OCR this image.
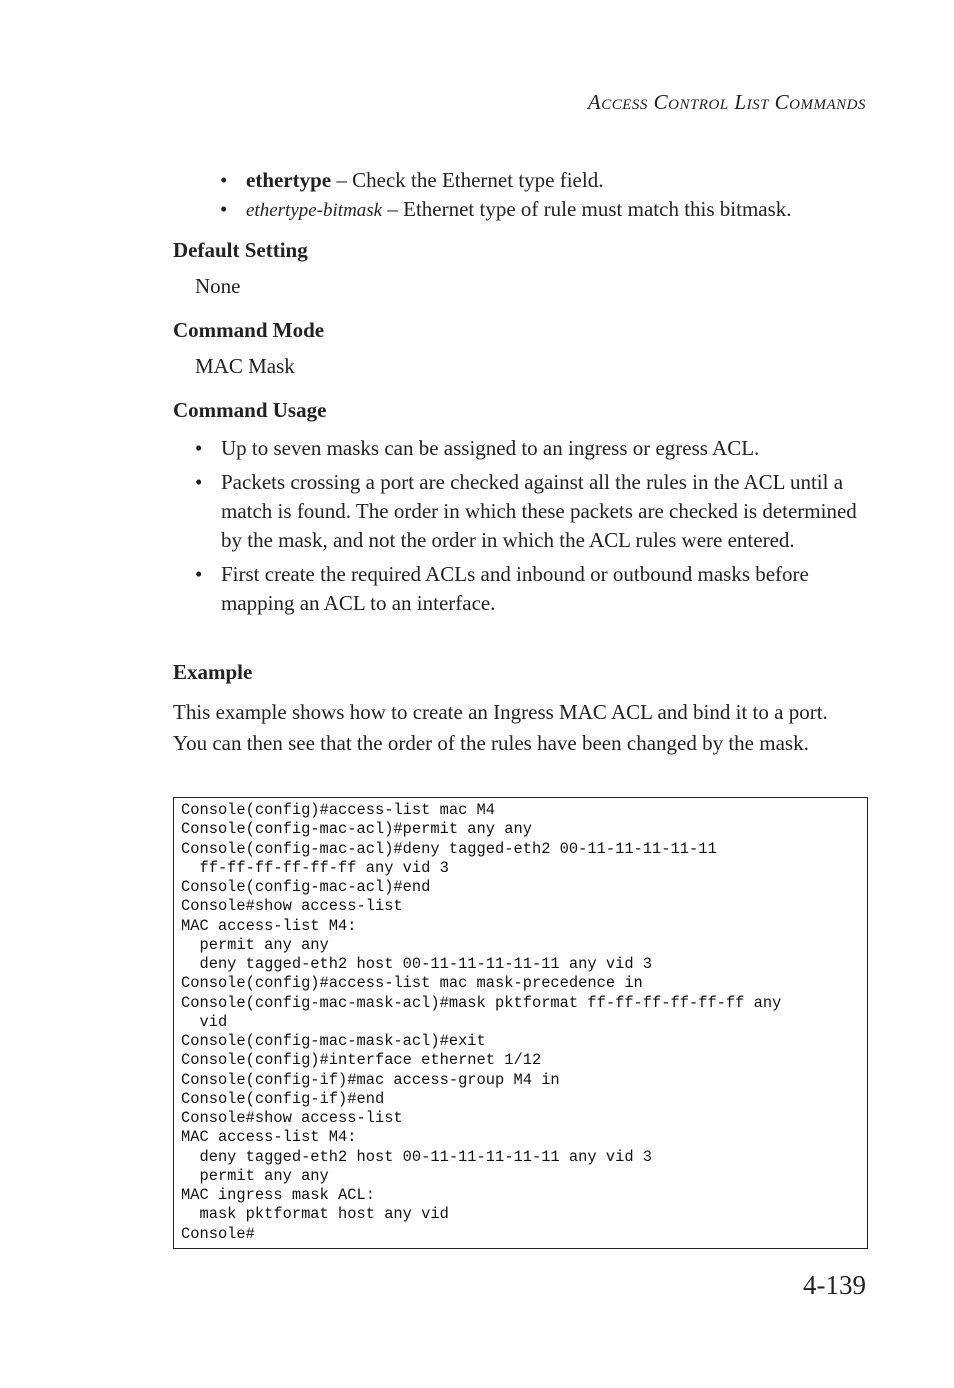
Access Control List Commands
• ethertype – Check the Ethernet type field.
• ethertype-bitmask – Ethernet type of rule must match this bitmask.
Default Setting

None

Command Mode

MAC Mask

Command Usage
• Up to seven masks can be assigned to an ingress or egress ACL.
• Packets crossing a port are checked against all the rules in the ACL until a match is found. The order in which these packets are checked is determined by the mask, and not the order in which the ACL rules were entered.
• First create the required ACLs and inbound or outbound masks before mapping an ACL to an interface.
Example

This example shows how to create an Ingress MAC ACL and bind it to a port. You can then see that the order of the rules have been changed by the mask.

Console(config)#access-list mac M4
Console(config-mac-acl)#permit any any
Console(config-mac-acl)#deny tagged-eth2 00-11-11-11-11-11
ff-ff-ff-ff-ff-ff any vid 3
Console(config-mac-acl)#end
Console#show access-list
MAC access-list M4:
permit any any
deny tagged-eth2 host 00-11-11-11-11-11 any vid 3
Console(config)#access-list mac mask-precedence in
Console(config-mac-mask-acl)#mask pktformat ff-ff-ff-ff-ff-ff any
vid
Console(config-mac-mask-acl)#exit
Console(config)#interface ethernet 1/12
Console(config-if)#mac access-group M4 in
Console(config-if)#end
Console#show access-list
MAC access-list M4:
deny tagged-eth2 host 00-11-11-11-11-11 any vid 3
permit any any
MAC ingress mask ACL:
mask pktformat host any vid
Console#
4-139
